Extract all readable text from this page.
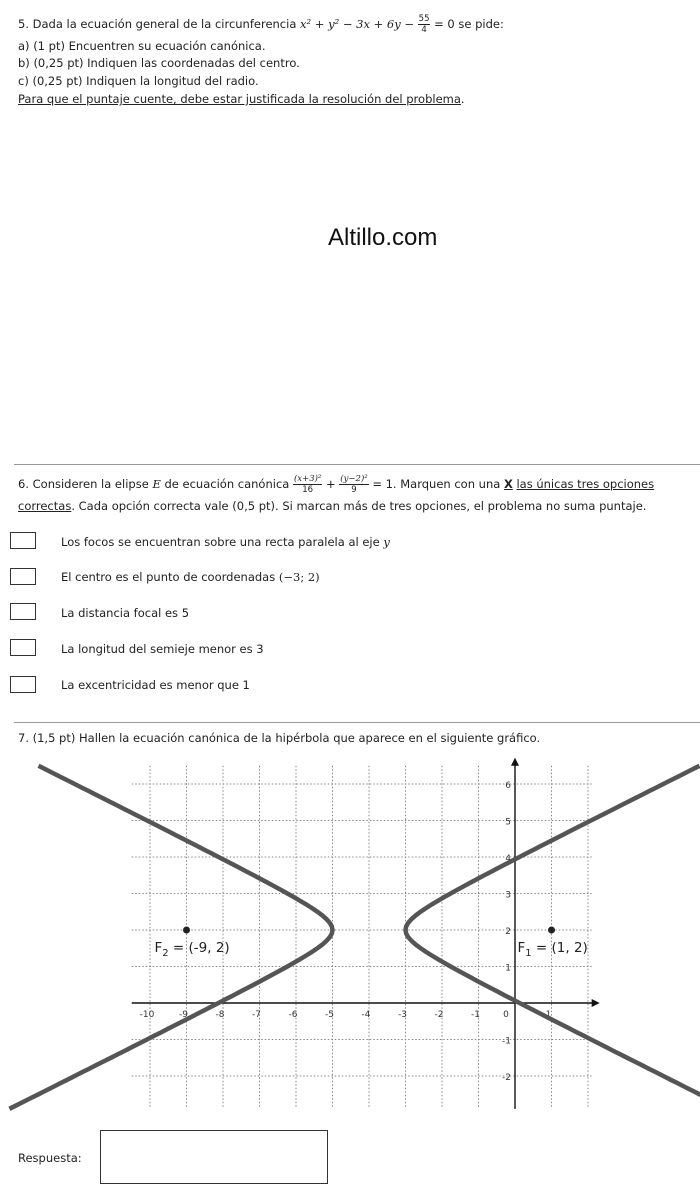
5. Dada la ecuación general de la circunferencia $x^2 + y^2 - 3x + 6y - \frac{55}{4} = 0$ se pide:
a) (1 pt) Encuentren su ecuación canónica.
b) (0,25 pt) Indiquen las coordenadas del centro.
c) (0,25 pt) Indiquen la longitud del radio.
Para que el puntaje cuente, debe estar justificada la resolución del problema.
Altillo.com
6. Consideren la elipse E de ecuación canónica $\frac{\text{(x+3)²}}{16} + \frac{\text{(y−2)²}}{9} = 1$. Marquen con una X las únicas tres opciones
correctas. Cada opción correcta vale (0,5 pt). Si marcan más de tres opciones, el problema no suma puntaje.
Los focos se encuentran sobre una recta paralela al eje y
El centro es el punto de coordenadas (−3; 2)
La distancia focal es 5
La longitud del semieje menor es 3
La excentricidad es menor que 1
7. (1,5 pt) Hallen la ecuación canónica de la hipérbola que aparece en el siguiente gráfico.
-10	-9	-8	-7	-6	-5	-4	-3	-2	-1	0	1
-2
-1
1
2
3
4
5
6
$F_2 = (-9$, 2)	$F_1 = (1$, 2)
Respuesta:
